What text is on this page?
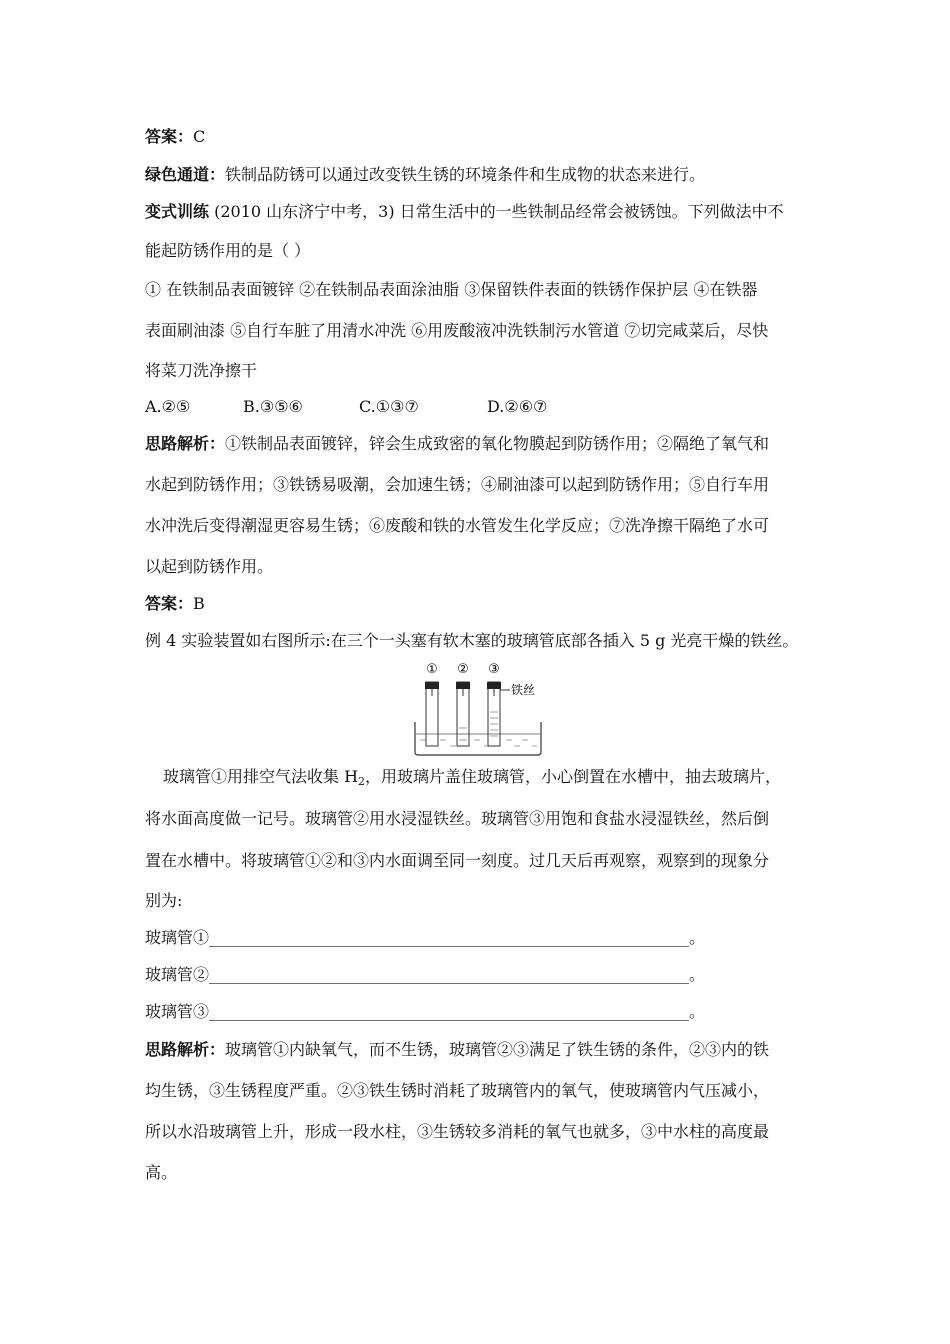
答案：C
绿色通道：铁制品防锈可以通过改变铁生锈的环境条件和生成物的状态来进行。
变式训练 (2010 山东济宁中考，3) 日常生活中的一些铁制品经常会被锈蚀。下列做法中不
能起防锈作用的是（ ）
① 在铁制品表面镀锌 ②在铁制品表面涂油脂 ③保留铁件表面的铁锈作保护层 ④在铁器
表面刷油漆 ⑤自行车脏了用清水冲洗 ⑥用废酸液冲洗铁制污水管道 ⑦切完咸菜后，尽快
将菜刀洗净擦干
A.②⑤	B.③⑤⑥	C.①③⑦	D.②⑥⑦
思路解析：①铁制品表面镀锌，锌会生成致密的氧化物膜起到防锈作用；②隔绝了氧气和
水起到防锈作用；③铁锈易吸潮，会加速生锈；④刷油漆可以起到防锈作用；⑤自行车用
水冲洗后变得潮湿更容易生锈；⑥废酸和铁的水管发生化学反应；⑦洗净擦干隔绝了水可
以起到防锈作用。
答案：B
例 4 实验装置如右图所示:在三个一头塞有软木塞的玻璃管底部各插入 5 g 光亮干燥的铁丝。
① ② ③
铁丝
玻璃管①用排空气法收集 $H_2$，用玻璃片盖住玻璃管，小心倒置在水槽中，抽去玻璃片，
将水面高度做一记号。玻璃管②用水浸湿铁丝。玻璃管③用饱和食盐水浸湿铁丝，然后倒
置在水槽中。将玻璃管①②和③内水面调至同一刻度。过几天后再观察，观察到的现象分
别为:
玻璃管①____________________________________________________________。
玻璃管②____________________________________________________________。
玻璃管③____________________________________________________________。
思路解析：玻璃管①内缺氧气，而不生锈，玻璃管②③满足了铁生锈的条件，②③内的铁
均生锈，③生锈程度严重。②③铁生锈时消耗了玻璃管内的氧气，使玻璃管内气压减小，
所以水沿玻璃管上升，形成一段水柱，③生锈较多消耗的氧气也就多，③中水柱的高度最
高。
